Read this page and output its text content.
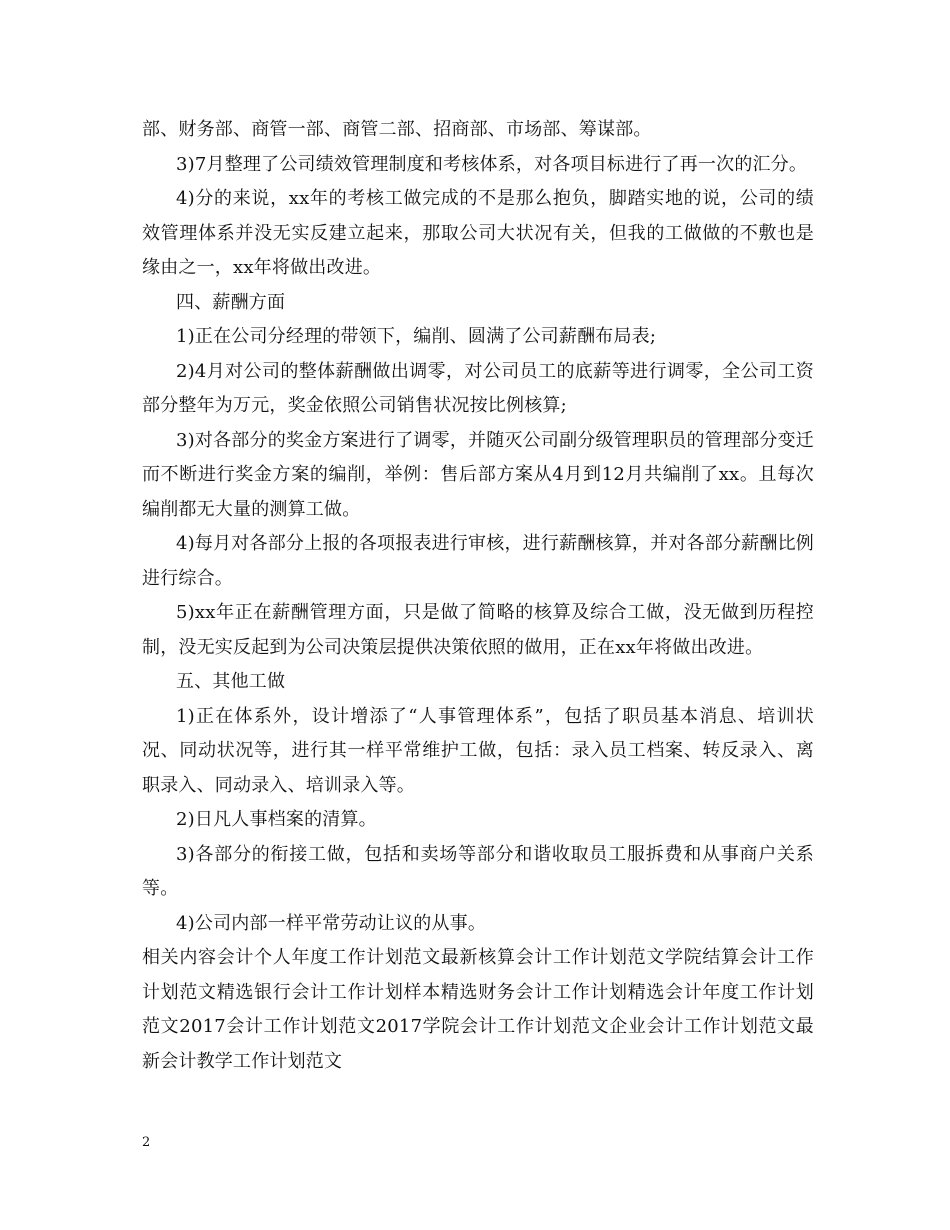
部、财务部、商管一部、商管二部、招商部、市场部、筹谋部。

3)7月整理了公司绩效管理制度和考核体系，对各项目标进行了再一次的汇分。

4)分的来说，xx年的考核工做完成的不是那么抱负，脚踏实地的说，公司的绩效管理体系并没无实反建立起来，那取公司大状况有关，但我的工做做的不敷也是缘由之一，xx年将做出改进。

四、薪酬方面

1)正在公司分经理的带领下，编削、圆满了公司薪酬布局表;

2)4月对公司的整体薪酬做出调零，对公司员工的底薪等进行调零，全公司工资部分整年为万元，奖金依照公司销售状况按比例核算;

3)对各部分的奖金方案进行了调零，并随灭公司副分级管理职员的管理部分变迁而不断进行奖金方案的编削，举例：售后部方案从4月到12月共编削了xx。且每次编削都无大量的测算工做。

4)每月对各部分上报的各项报表进行审核，进行薪酬核算，并对各部分薪酬比例进行综合。

5)xx年正在薪酬管理方面，只是做了简略的核算及综合工做，没无做到历程控制，没无实反起到为公司决策层提供决策依照的做用，正在xx年将做出改进。

五、其他工做

1)正在体系外，设计增添了“人事管理体系”，包括了职员基本消息、培训状况、同动状况等，进行其一样平常维护工做，包括：录入员工档案、转反录入、离职录入、同动录入、培训录入等。

2)日凡人事档案的清算。

3)各部分的衔接工做，包括和卖场等部分和谐收取员工服拆费和从事商户关系等。

4)公司内部一样平常劳动让议的从事。

相关内容会计个人年度工作计划范文最新核算会计工作计划范文学院结算会计工作计划范文精选银行会计工作计划样本精选财务会计工作计划精选会计年度工作计划范文2017会计工作计划范文2017学院会计工作计划范文企业会计工作计划范文最新会计教学工作计划范文

2
